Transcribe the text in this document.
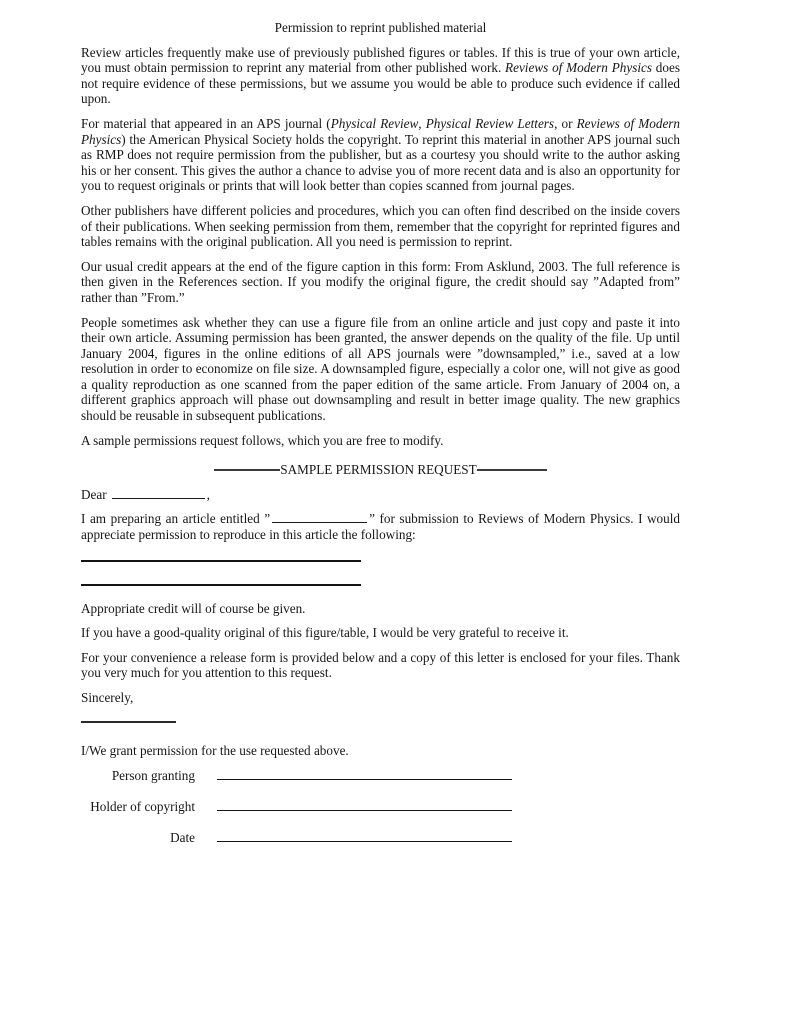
Permission to reprint published material

Review articles frequently make use of previously published figures or tables. If this is true of your own article, you must obtain permission to reprint any material from other published work. Reviews of Modern Physics does not require evidence of these permissions, but we assume you would be able to produce such evidence if called upon.

For material that appeared in an APS journal (Physical Review, Physical Review Letters, or Reviews of Modern Physics) the American Physical Society holds the copyright. To reprint this material in another APS journal such as RMP does not require permission from the publisher, but as a courtesy you should write to the author asking his or her consent. This gives the author a chance to advise you of more recent data and is also an opportunity for you to request originals or prints that will look better than copies scanned from journal pages.

Other publishers have different policies and procedures, which you can often find described on the inside covers of their publications. When seeking permission from them, remember that the copyright for reprinted figures and tables remains with the original publication. All you need is permission to reprint.

Our usual credit appears at the end of the figure caption in this form: From Asklund, 2003. The full reference is then given in the References section. If you modify the original figure, the credit should say ”Adapted from” rather than ”From.”

People sometimes ask whether they can use a figure file from an online article and just copy and paste it into their own article. Assuming permission has been granted, the answer depends on the quality of the file. Up until January 2004, figures in the online editions of all APS journals were ”downsampled,” i.e., saved at a low resolution in order to economize on file size. A downsampled figure, especially a color one, will not give as good a quality reproduction as one scanned from the paper edition of the same article. From January of 2004 on, a different graphics approach will phase out downsampling and result in better image quality. The new graphics should be reusable in subsequent publications.

A sample permissions request follows, which you are free to modify.

SAMPLE PERMISSION REQUEST

Dear	,

I am preparing an article entitled ”	” for submission to Reviews of Modern Physics. I would appreciate permission to reproduce in this article the following:

Appropriate credit will of course be given.

If you have a good-quality original of this figure/table, I would be very grateful to receive it.

For your convenience a release form is provided below and a copy of this letter is enclosed for your files. Thank you very much for you attention to this request.

Sincerely,

I/We grant permission for the use requested above.

Person granting
Holder of copyright
Date
